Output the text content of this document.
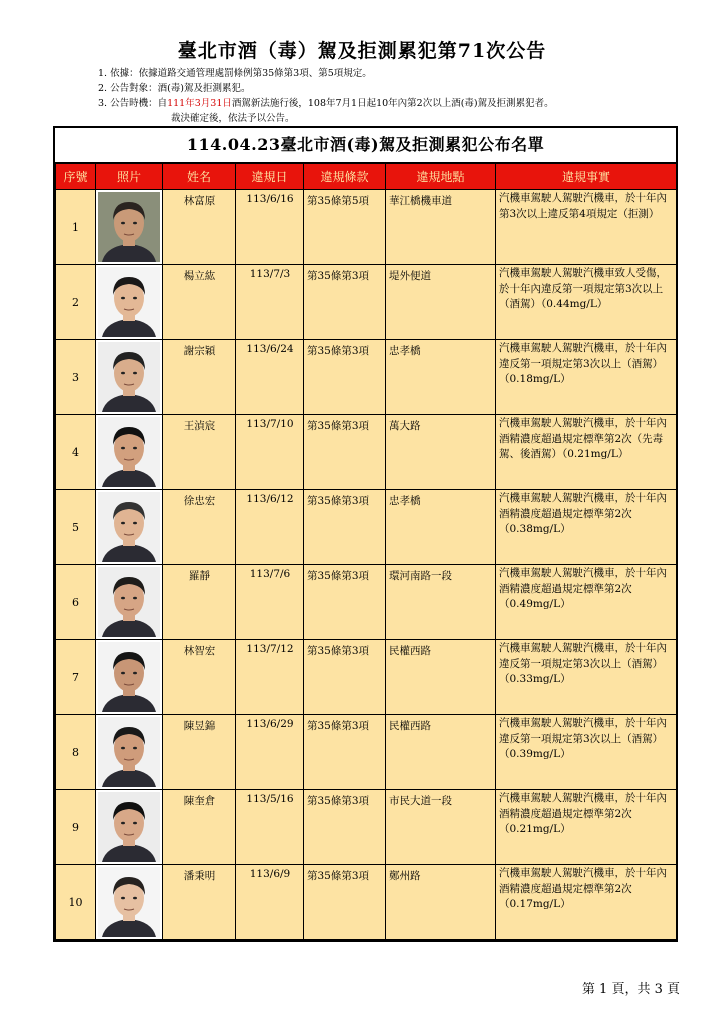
臺北市酒（毒）駕及拒測累犯第71次公告
1. 依據：依據道路交通管理處罰條例第35條第3項、第5項規定。
2. 公告對象：酒(毒)駕及拒測累犯。
3. 公告時機：自111年3月31日酒駕新法施行後，108年7月1日起10年內第2次以上酒(毒)駕及拒測累犯者。
裁決確定後，依法予以公告。
114.04.23臺北市酒(毒)駕及拒測累犯公布名單
序號	照片	姓名	違規日	違規條款	違規地點	違規事實
1		林富原	113/6/16	第35條第5項	華江橋機車道	汽機車駕駛人駕駛汽機車，於十年內第3次以上違反第4項規定（拒測）
2		楊立紘	113/7/3	第35條第3項	堤外便道	汽機車駕駛人駕駛汽機車致人受傷，於十年內違反第一項規定第3次以上（酒駕）（0.44mg/L）
3		謝宗穎	113/6/24	第35條第3項	忠孝橋	汽機車駕駛人駕駛汽機車，於十年內違反第一項規定第3次以上（酒駕）（0.18mg/L）
4		王湞宸	113/7/10	第35條第3項	萬大路	汽機車駕駛人駕駛汽機車，於十年內酒精濃度超過規定標準第2次（先毒駕、後酒駕）（0.21mg/L）
5		徐忠宏	113/6/12	第35條第3項	忠孝橋	汽機車駕駛人駕駛汽機車，於十年內酒精濃度超過規定標準第2次（0.38mg/L）
6		羅靜	113/7/6	第35條第3項	環河南路一段	汽機車駕駛人駕駛汽機車，於十年內酒精濃度超過規定標準第2次（0.49mg/L）
7		林智宏	113/7/12	第35條第3項	民權西路	汽機車駕駛人駕駛汽機車，於十年內違反第一項規定第3次以上（酒駕）（0.33mg/L）
8		陳昱錦	113/6/29	第35條第3項	民權西路	汽機車駕駛人駕駛汽機車，於十年內違反第一項規定第3次以上（酒駕）（0.39mg/L）
9		陳奎倉	113/5/16	第35條第3項	市民大道一段	汽機車駕駛人駕駛汽機車，於十年內酒精濃度超過規定標準第2次（0.21mg/L）
10		潘秉明	113/6/9	第35條第3項	鄭州路	汽機車駕駛人駕駛汽機車，於十年內酒精濃度超過規定標準第2次（0.17mg/L）
第 1 頁，共 3 頁
